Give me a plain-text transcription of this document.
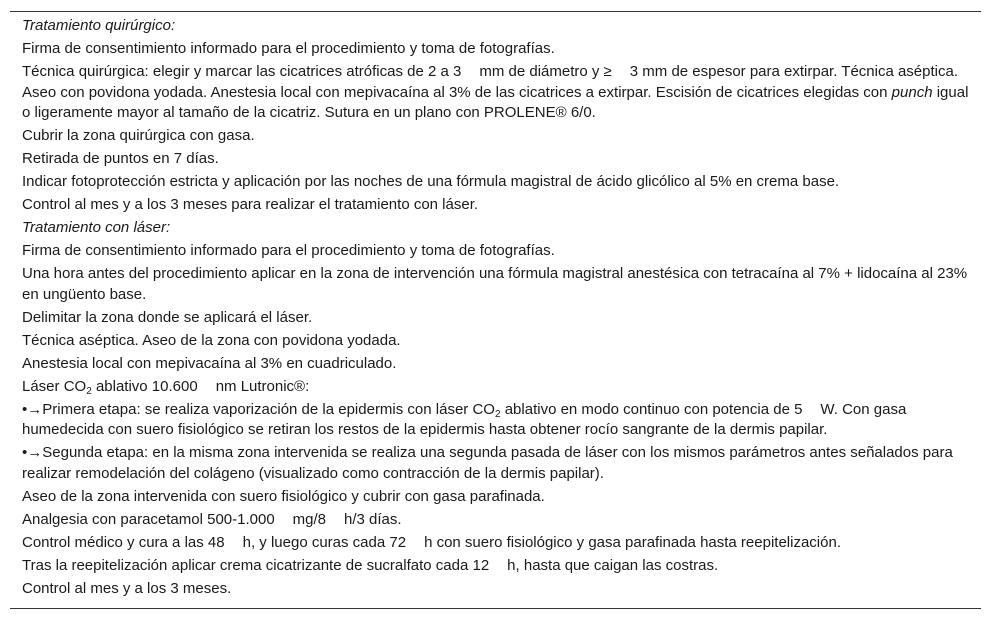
Tratamiento quirúrgico:
Firma de consentimiento informado para el procedimiento y toma de fotografías.
Técnica quirúrgica: elegir y marcar las cicatrices atróficas de 2 a 3 mm de diámetro y ≥ 3 mm de espesor para extirpar. Técnica aséptica. Aseo con povidona yodada. Anestesia local con mepivacaína al 3% de las cicatrices a extirpar. Escisión de cicatrices elegidas con punch igual o ligeramente mayor al tamaño de la cicatriz. Sutura en un plano con PROLENE® 6/0.
Cubrir la zona quirúrgica con gasa.
Retirada de puntos en 7 días.
Indicar fotoprotección estricta y aplicación por las noches de una fórmula magistral de ácido glicólico al 5% en crema base.
Control al mes y a los 3 meses para realizar el tratamiento con láser.
Tratamiento con láser:
Firma de consentimiento informado para el procedimiento y toma de fotografías.
Una hora antes del procedimiento aplicar en la zona de intervención una fórmula magistral anestésica con tetracaína al 7% + lidocaína al 23% en ungüento base.
Delimitar la zona donde se aplicará el láser.
Técnica aséptica. Aseo de la zona con povidona yodada.
Anestesia local con mepivacaína al 3% en cuadriculado.
Láser $CO_2$ ablativo 10.600 nm Lutronic®:
•→Primera etapa: se realiza vaporización de la epidermis con láser $CO_2$ ablativo en modo continuo con potencia de 5 W. Con gasa humedecida con suero fisiológico se retiran los restos de la epidermis hasta obtener rocío sangrante de la dermis papilar.
•→Segunda etapa: en la misma zona intervenida se realiza una segunda pasada de láser con los mismos parámetros antes señalados para realizar remodelación del colágeno (visualizado como contracción de la dermis papilar).
Aseo de la zona intervenida con suero fisiológico y cubrir con gasa parafinada.
Analgesia con paracetamol 500-1.000 mg/8 h/3 días.
Control médico y cura a las 48 h, y luego curas cada 72 h con suero fisiológico y gasa parafinada hasta reepitelización.
Tras la reepitelización aplicar crema cicatrizante de sucralfato cada 12 h, hasta que caigan las costras.
Control al mes y a los 3 meses.
